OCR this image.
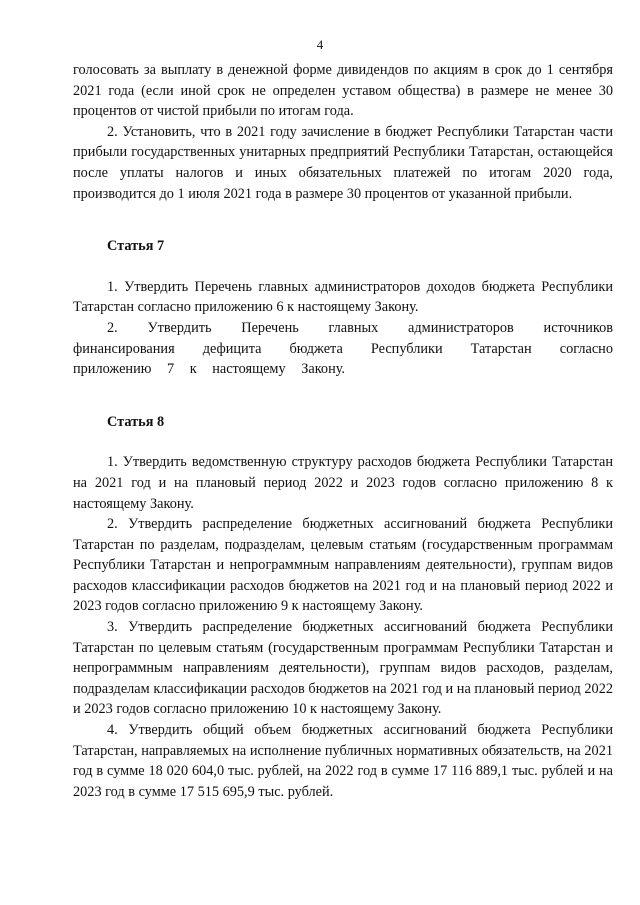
4

голосовать за выплату в денежной форме дивидендов по акциям в срок до 1 сентября 2021 года (если иной срок не определен уставом общества) в размере не менее 30 процентов от чистой прибыли по итогам года.

2. Установить, что в 2021 году зачисление в бюджет Республики Татарстан части прибыли государственных унитарных предприятий Республики Татарстан, остающейся после уплаты налогов и иных обязательных платежей по итогам 2020 года, производится до 1 июля 2021 года в размере 30 процентов от указанной прибыли.

Статья 7

1. Утвердить Перечень главных администраторов доходов бюджета Республики Татарстан согласно приложению 6 к настоящему Закону.

2. Утвердить Перечень главных администраторов источников финансирования дефицита бюджета Республики Татарстан согласно приложению 7 к настоящему Закону.

Статья 8

1. Утвердить ведомственную структуру расходов бюджета Республики Татарстан на 2021 год и на плановый период 2022 и 2023 годов согласно приложению 8 к настоящему Закону.

2. Утвердить распределение бюджетных ассигнований бюджета Республики Татарстан по разделам, подразделам, целевым статьям (государственным программам Республики Татарстан и непрограммным направлениям деятельности), группам видов расходов классификации расходов бюджетов на 2021 год и на плановый период 2022 и 2023 годов согласно приложению 9 к настоящему Закону.

3. Утвердить распределение бюджетных ассигнований бюджета Республики Татарстан по целевым статьям (государственным программам Республики Татарстан и непрограммным направлениям деятельности), группам видов расходов, разделам, подразделам классификации расходов бюджетов на 2021 год и на плановый период 2022 и 2023 годов согласно приложению 10 к настоящему Закону.

4. Утвердить общий объем бюджетных ассигнований бюджета Республики Татарстан, направляемых на исполнение публичных нормативных обязательств, на 2021 год в сумме 18 020 604,0 тыс. рублей, на 2022 год в сумме 17 116 889,1 тыс. рублей и на 2023 год в сумме 17 515 695,9 тыс. рублей.
